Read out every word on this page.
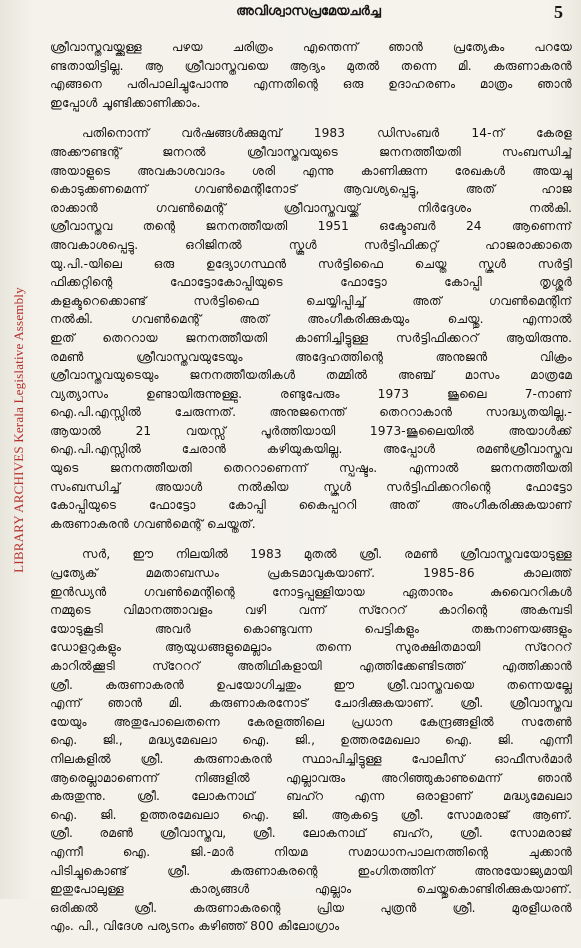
LIBRARY ARCHIVES Kerala Legislative Assembly
അവിശ്വാസപ്രമേയചർച്ച	5
ശ്രീവാസ്തവയ്ക്കുള്ള പഴയ ചരിത്രം എന്തെന്ന് ഞാൻ പ്രത്യേകം പറയേ
ണ്ടതായിട്ടില്ല. ആ ശ്രീവാസ്തവയെ ആദ്യം മുതൽ തന്നെ മി. കരുണാകരൻ
എങ്ങനെ പരിപാലിച്ചുപോന്നു എന്നതിന്റെ ഒരു ഉദാഹരണം മാത്രം ഞാൻ
ഇപ്പോൾ ചൂണ്ടിക്കാണിക്കാം.
പതിനൊന്ന് വർഷങ്ങൾക്കുമുമ്പ് 1983 ഡിസംബർ 14-ന് കേരള
അക്കൗണ്ടന്റ് ജനറൽ ശ്രീവാസ്തവയുടെ ജനനത്തീയതി സംബന്ധിച്ച്
അയാളുടെ അവകാശവാദം ശരി എന്നു കാണിക്കുന്ന രേഖകൾ അയച്ചു
കൊടുക്കണമെന്ന് ഗവൺമെന്റിനോട് ആവശ്യപ്പെട്ടു, അത് ഹാജ
രാക്കാൻ ഗവൺമെന്റ് ശ്രീവാസ്തവയ്ക്ക് നിർദ്ദേശം നൽകി.
ശ്രീവാസ്തവ തന്റെ ജനനത്തീയതി 1951 ഒക്ടോബർ 24 ആണെന്ന്
അവകാശപ്പെട്ടു. ഒറിജിനൽ സ്കൂൾ സർട്ടിഫിക്കറ്റ് ഹാജരാക്കാതെ
യു.പി.-യിലെ ഒരു ഉദ്യോഗസ്ഥൻ സർട്ടിഫൈ ചെയ്ത സ്കൂൾ സർട്ടി
ഫിക്കറ്റിന്റെ ഫോട്ടോകോപ്പിയുടെ ഫോട്ടോ കോപ്പി തൃശ്ശൂർ
കളക്ടറെക്കൊണ്ട് സർട്ടിഫൈ ചെയ്യിപ്പിച്ച് അത് ഗവൺമെന്റിന്
നൽകി. ഗവൺമെന്റ് അത് അംഗീകരിക്കുകയും ചെയ്തു. എന്നാൽ
ഇത് തെററായ ജനനത്തീയതി കാണിച്ചിട്ടുള്ള സർട്ടിഫിക്കററ് ആയിരുന്നു.
രമൺ ശ്രീവാസ്തവയുടേയും അദ്ദേഹത്തിന്റെ അനുജൻ വിക്രം
ശ്രീവാസ്തവയുടെയും ജനനത്തീയതികൾ തമ്മിൽ അഞ്ച് മാസം മാത്രമേ
വ്യത്യാസം ഉണ്ടായിരുന്നുള്ളു. രണ്ടുപേരും 1973 ജൂലൈ 7-നാണ്
ഐ.പി.എസ്സിൽ ചേരുന്നത്. അനുജനെന്ത് തെററാകാൻ സാദ്ധ്യതയില്ല.-
ആയാൽ 21 വയസ്സ് പൂർത്തിയായി 1973-ജൂലൈയിൽ അയാൾക്ക്
ഐ.പി.എസ്സിൽ ചേരാൻ കഴിയുകയില്ല. അപ്പോൾ രമൺശ്രീവാസ്തവ
യുടെ ജനനത്തീയതി തെററാണെന്ന് സ്പഷ്ടം. എന്നാൽ ജനനത്തീയതി
സംബന്ധിച്ച് അയാൾ നൽകിയ സ്കൂൾ സർട്ടിഫിക്കററിന്റെ ഫോട്ടോ
കോപ്പിയുടെ ഫോട്ടോ കോപ്പി കൈപ്പററി അത് അംഗീകരിക്കുകയാണ്
കരുണാകരൻ ഗവൺമെന്റ് ചെയ്തത്.
സർ, ഈ നിലയിൽ 1983 മുതൽ ശ്രീ. രമൺ ശ്രീവാസ്തവയോടുള്ള
പ്രത്യേക് മമതാബന്ധം പ്രകടമാവുകയാണ്. 1985-86 കാലത്ത്
ഇൻഡ്യൻ ഗവൺമെന്റിന്റെ നോട്ടപ്പുള്ളിയായ ഏതാനും കുവൈററികൾ
നമ്മുടെ വിമാനത്താവളം വഴി വന്ന് സ്റേററ് കാറിന്റെ അകമ്പടി
യോടുകൂടി അവർ കൊണ്ടുവന്ന പെട്ടികളും തങ്കനാണയങ്ങളും
ഡോളറുകളും ആയുധങ്ങളുമെല്ലാം തന്നെ സുരക്ഷിതമായി സ്റേററ്
കാറിൽക്കൂടി സ്റേററ് അതിഥികളായി എത്തിക്കേണ്ടിടത്ത് എത്തിക്കാൻ
ശ്രീ. കരുണാകരൻ ഉപയോഗിച്ചതും ഈ ശ്രീ.വാസ്തവയെ തന്നെയല്ലേ
എന്ന് ഞാൻ മി. കരുണാകരനോട് ചോദിക്കുകയാണ്. ശ്രീ. ശ്രീവാസ്തവ
യേയും അതുപോലെതന്നെ കേരളത്തിലെ പ്രധാന കേന്ദ്രങ്ങളിൽ സതേൺ
ഐ. ജി., മദ്ധ്യമേഖലാ ഐ. ജി., ഉത്തരമേഖലാ ഐ. ജി. എന്നീ
നിലകളിൽ ശ്രീ. കരുണാകരൻ സ്ഥാപിച്ചിട്ടുള്ള പോലീസ് ഓഫീസർമാർ
ആരെല്ലാമാണെന്ന് നിങ്ങളിൽ എല്ലാവരും അറിഞ്ഞുകാണുമെന്ന് ഞാൻ
കരുതുന്നു. ശ്രീ. ലോകനാഥ് ബഹ്റ എന്ന ഒരാളാണ് മദ്ധ്യമേഖലാ
ഐ. ജി. ഉത്തരമേഖലാ ഐ. ജി. ആകട്ടെ ശ്രീ. സോമരാജ് ആണ്.
ശ്രീ. രമൺ ശ്രീവാസ്തവ, ശ്രീ. ലോകനാഥ് ബഹ്റ, ശ്രീ. സോമരാജ്
എന്നീ ഐ. ജി.-മാർ നിയമ സമാധാനപാലനത്തിന്റെ ചുക്കാൻ
പിടിച്ചുകൊണ്ട് ശ്രീ. കരുണാകരന്റെ ഇംഗിതത്തിന് അനുയോജ്യമായി
ഇതുപോലുള്ള കാര്യങ്ങൾ എല്ലാം ചെയ്തുകൊണ്ടിരിക്കുകയാണ്.
ഒരിക്കൽ ശ്രീ. കരുണാകരന്റെ പ്രിയ പുത്രൻ ശ്രീ. മുരളീധരൻ
എം. പി., വിദേശ പര്യടനം കഴിഞ്ഞ് 800 കിലോഗ്രാം
